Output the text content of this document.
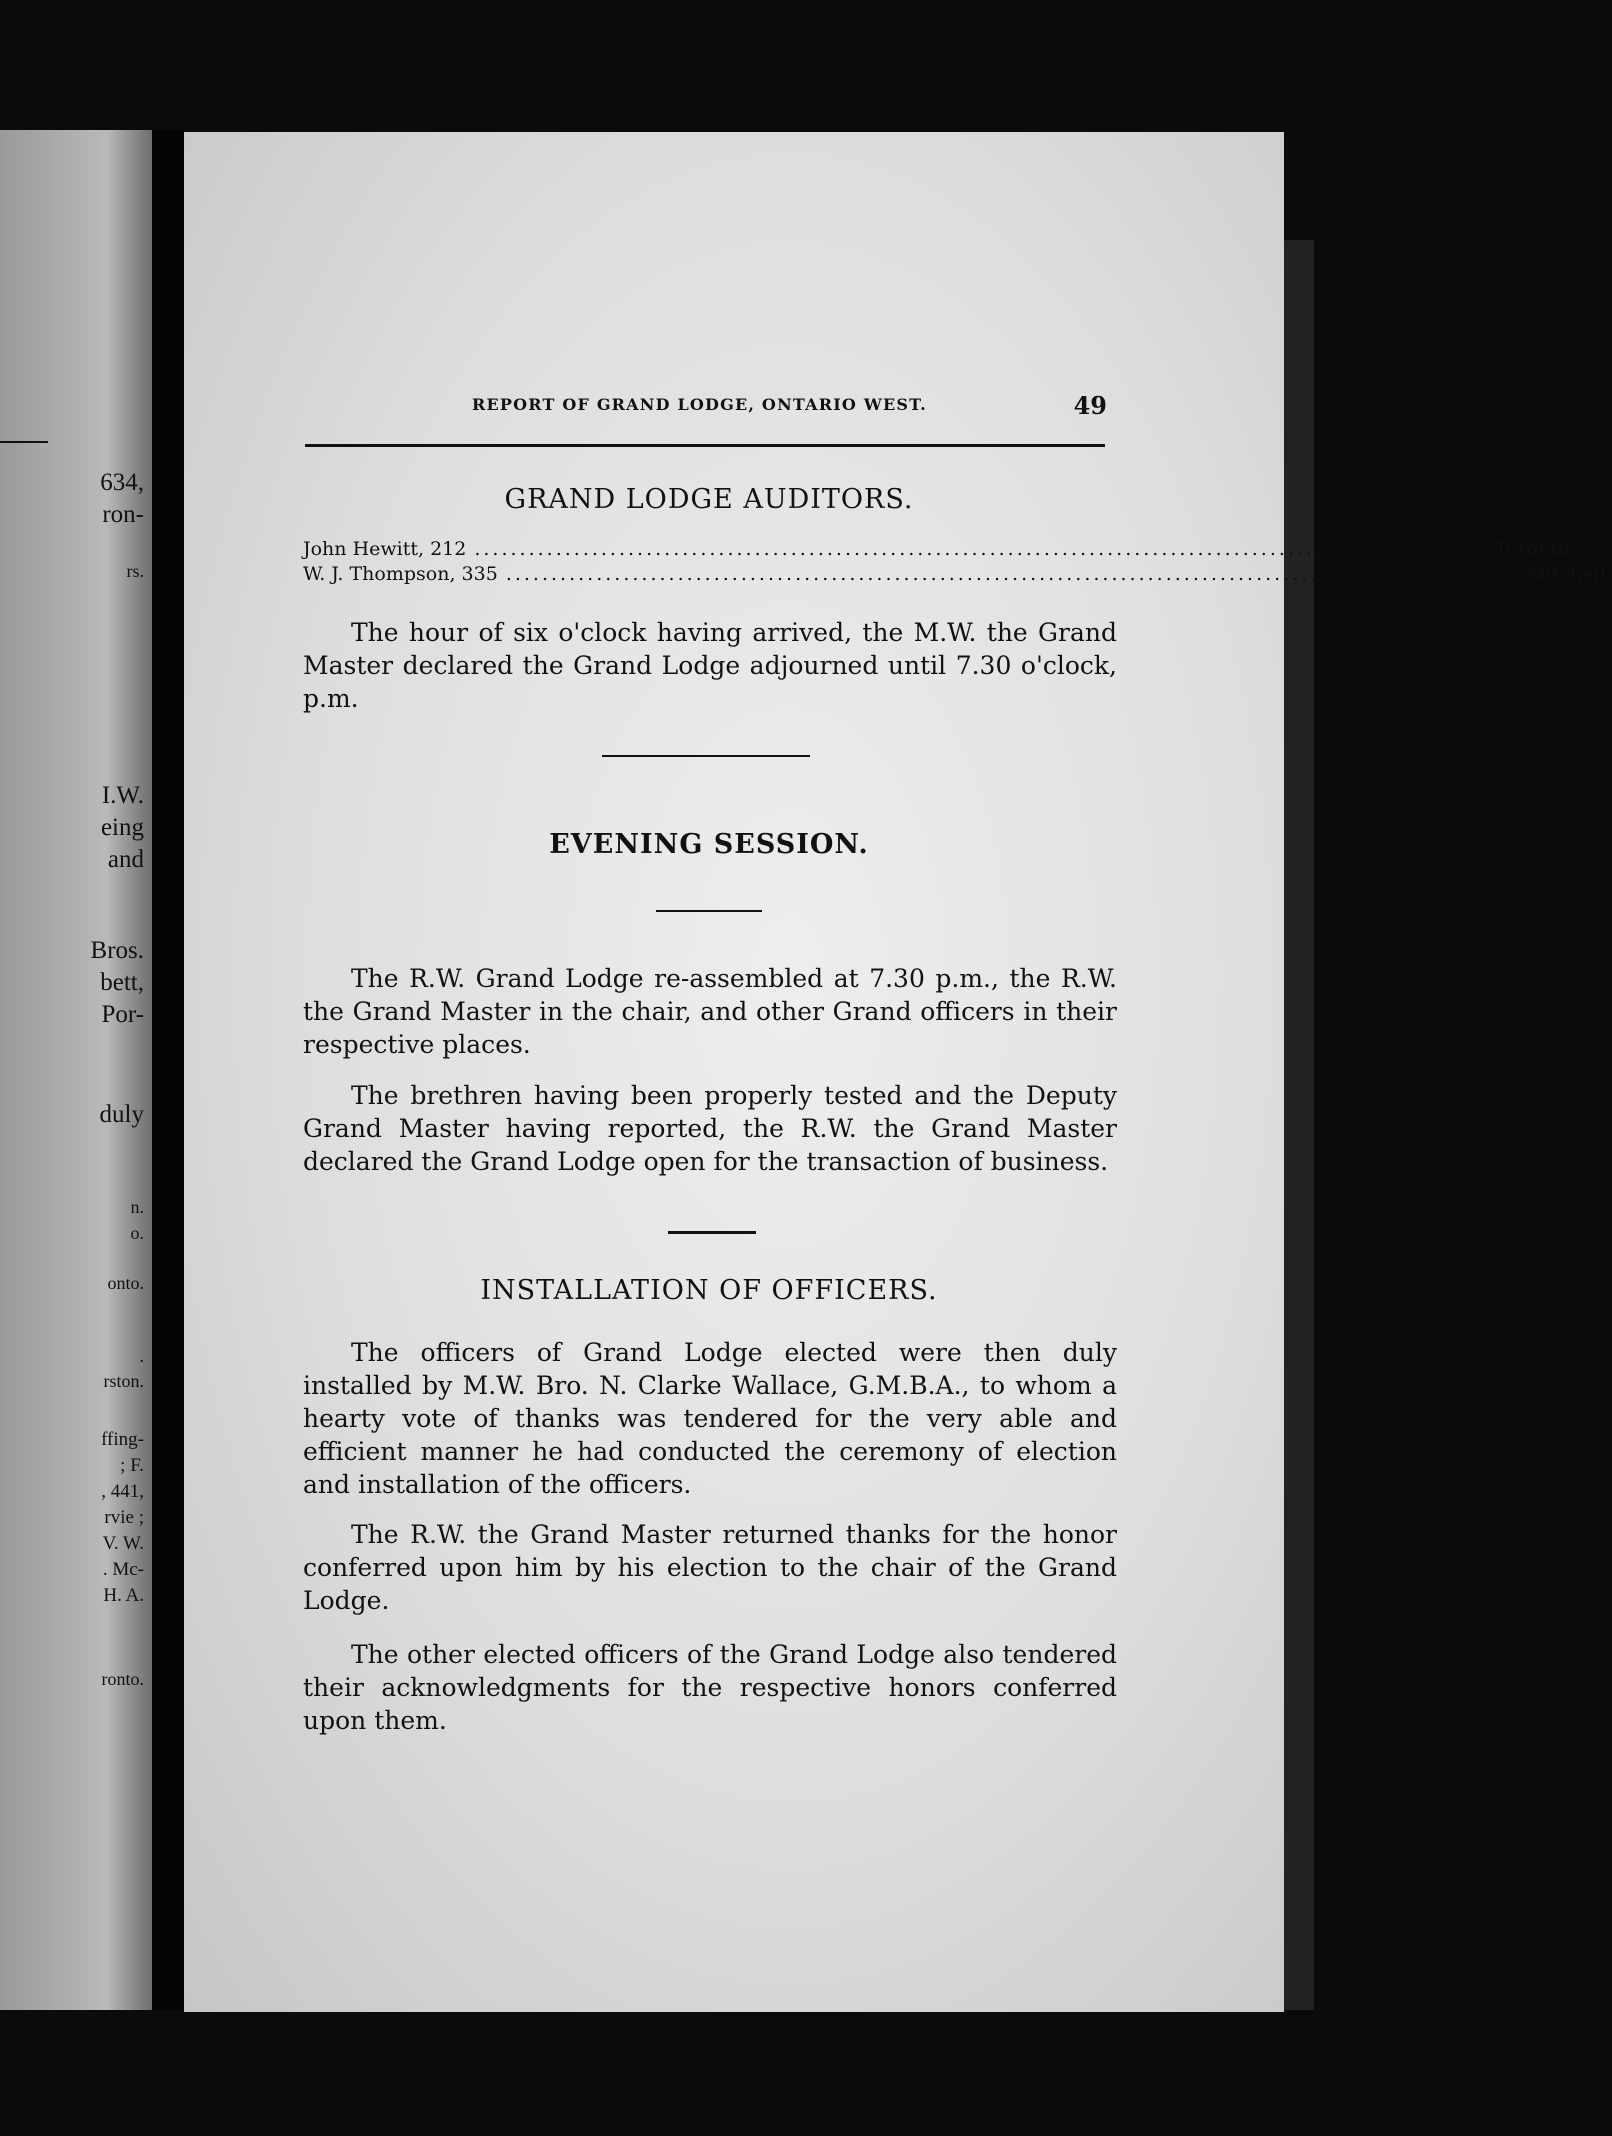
634,
ron-
rs.
I.W.
eing
and
Bros.
bett,
Por-
duly
n.
o.
onto.
.
rston.
ffing-
; F.
, 441,
rvie ;
V. W.
. Mc-
H. A.
ronto.
REPORT OF GRAND LODGE, ONTARIO WEST.	49
GRAND LODGE AUDITORS.
John Hewitt, 212 ................................................................................................................ Toronto.
W. J. Thompson, 335 ................................................................................................................ Mitchell.

The hour of six o'clock having arrived, the M.W. the Grand Master declared the Grand Lodge adjourned until 7.30 o'clock, p.m.

EVENING SESSION.

The R.W. Grand Lodge re-assembled at 7.30 p.m., the R.W. the Grand Master in the chair, and other Grand officers in their respective places.

The brethren having been properly tested and the Deputy Grand Master having reported, the R.W. the Grand Master declared the Grand Lodge open for the transaction of business.

INSTALLATION OF OFFICERS.

The officers of Grand Lodge elected were then duly installed by M.W. Bro. N. Clarke Wallace, G.M.B.A., to whom a hearty vote of thanks was tendered for the very able and efficient manner he had conducted the ceremony of election and installation of the officers.

The R.W. the Grand Master returned thanks for the honor conferred upon him by his election to the chair of the Grand Lodge.

The other elected officers of the Grand Lodge also tendered their acknowledgments for the respective honors conferred upon them.
